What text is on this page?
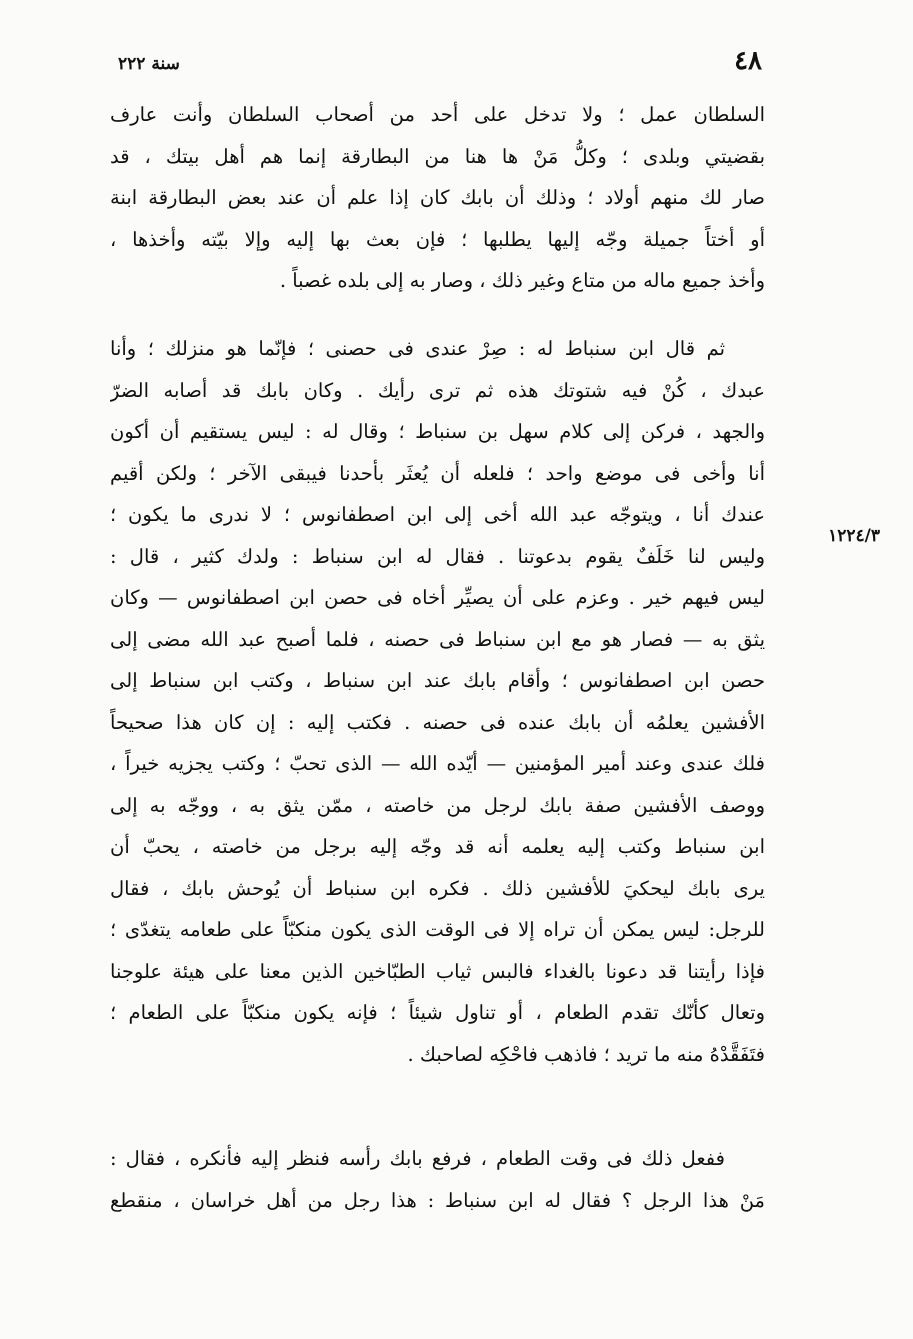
٤٨
سنة ٢٢٢
١٢٢٤/٣
السلطان عمل ؛ ولا تدخل على أحد من أصحاب السلطان وأنت عارف
بقضيتي وبلدى ؛ وكلُّ مَنْ ها هنا من البطارقة إنما هم أهل بيتك ، قد
صار لك منهم أولاد ؛ وذلك أن بابك كان إذا علم أن عند بعض البطارقة ابنة
أو أختاً جميلة وجّه إليها يطلبها ؛ فإن بعث بها إليه وإلا بيّته وأخذها ،
وأخذ جميع ماله من متاع وغير ذلك ، وصار به إلى بلده غصباً .
ثم قال ابن سنباط له : صِرْ عندى فى حصنى ؛ فإنّما هو منزلك ؛ وأنا
عبدك ، كُنْ فيه شتوتك هذه ثم ترى رأيك . وكان بابك قد أصابه الضرّ
والجهد ، فركن إلى كلام سهل بن سنباط ؛ وقال له : ليس يستقيم أن أكون
أنا وأخى فى موضع واحد ؛ فلعله أن يُعثَر بأحدنا فيبقى الآخر ؛ ولكن أقيم
عندك أنا ، ويتوجّه عبد الله أخى إلى ابن اصطفانوس ؛ لا ندرى ما يكون ؛
وليس لنا خَلَفٌ يقوم بدعوتنا . فقال له ابن سنباط : ولدك كثير ، قال :
ليس فيهم خير . وعزم على أن يصيِّر أخاه فى حصن ابن اصطفانوس — وكان
يثق به — فصار هو مع ابن سنباط فى حصنه ، فلما أصبح عبد الله مضى إلى
حصن ابن اصطفانوس ؛ وأقام بابك عند ابن سنباط ، وكتب ابن سنباط إلى
الأفشين يعلمُه أن بابك عنده فى حصنه . فكتب إليه : إن كان هذا صحيحاً
فلك عندى وعند أمير المؤمنين — أيّده الله — الذى تحبّ ؛ وكتب يجزيه خيراً ،
ووصف الأفشين صفة بابك لرجل من خاصته ، ممّن يثق به ، ووجّه به إلى
ابن سنباط وكتب إليه يعلمه أنه قد وجّه إليه برجل من خاصته ، يحبّ أن
يرى بابك ليحكيَ للأفشين ذلك . فكره ابن سنباط أن يُوحش بابك ، فقال
للرجل: ليس يمكن أن تراه إلا فى الوقت الذى يكون منكبّاً على طعامه يتغدّى ؛
فإذا رأيتنا قد دعونا بالغداء فالبس ثياب الطبّاخين الذين معنا على هيئة علوجنا
وتعال كأنّك تقدم الطعام ، أو تناول شيئاً ؛ فإنه يكون منكبّاً على الطعام ؛
فتَفَقَّدْهُ منه ما تريد ؛ فاذهب فاحْكِه لصاحبك .
ففعل ذلك فى وقت الطعام ، فرفع بابك رأسه فنظر إليه فأنكره ، فقال :
مَنْ هذا الرجل ؟ فقال له ابن سنباط : هذا رجل من أهل خراسان ، منقطع
